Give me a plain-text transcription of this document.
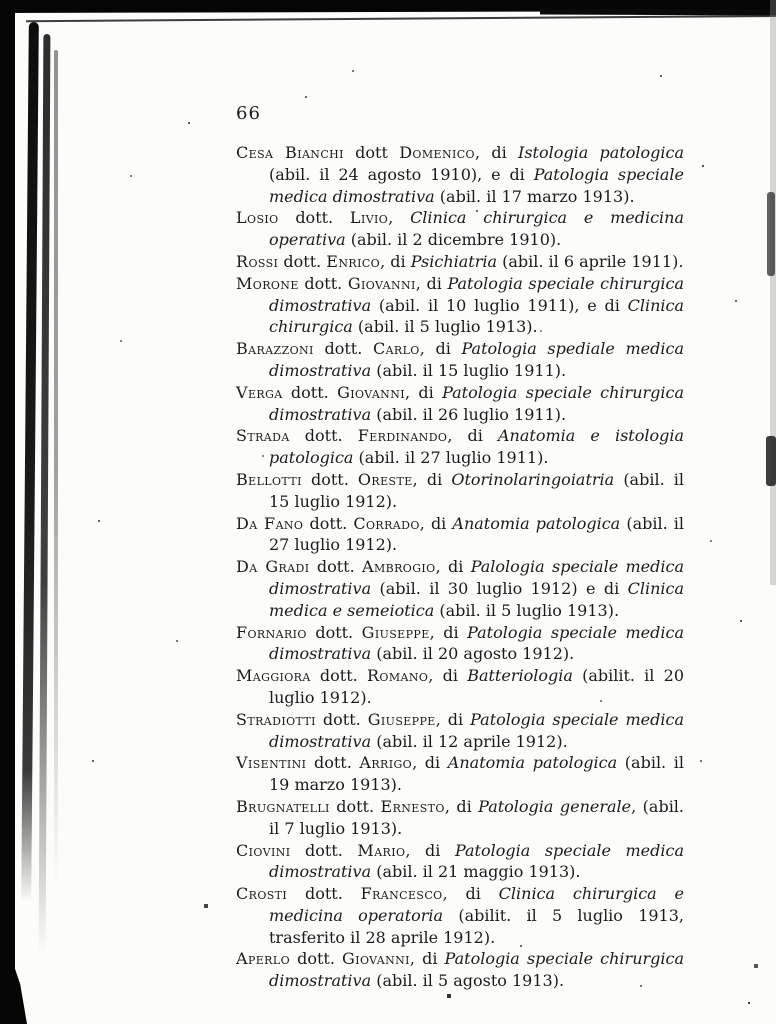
66

Cesa Bianchi dott Domenico, di Istologia patologica (abil. il 24 agosto 1910), e di Patologia speciale medica dimostrativa (abil. il 17 marzo 1913).

Losio dott. Livio, Clinica chirurgica e medicina operativa (abil. il 2 dicembre 1910).

Rossi dott. Enrico, di Psichiatria (abil. il 6 aprile 1911).

Morone dott. Giovanni, di Patologia speciale chirurgica dimostrativa (abil. il 10 luglio 1911), e di Clinica chirurgica (abil. il 5 luglio 1913).

Barazzoni dott. Carlo, di Patologia spediale medica dimostrativa (abil. il 15 luglio 1911).

Verga dott. Giovanni, di Patologia speciale chirurgica dimostrativa (abil. il 26 luglio 1911).

Strada dott. Ferdinando, di Anatomia e istologia patologica (abil. il 27 luglio 1911).

Bellotti dott. Oreste, di Otorinolaringoiatria (abil. il 15 luglio 1912).

Da Fano dott. Corrado, di Anatomia patologica (abil. il 27 luglio 1912).

Da Gradi dott. Ambrogio, di Palologia speciale medica dimostrativa (abil. il 30 luglio 1912) e di Clinica medica e semeiotica (abil. il 5 luglio 1913).

Fornario dott. Giuseppe, di Patologia speciale medica dimostrativa (abil. il 20 agosto 1912).

Maggiora dott. Romano, di Batteriologia (abilit. il 20 luglio 1912).

Stradiotti dott. Giuseppe, di Patologia speciale medica dimostrativa (abil. il 12 aprile 1912).

Visentini dott. Arrigo, di Anatomia patologica (abil. il 19 marzo 1913).

Brugnatelli dott. Ernesto, di Patologia generale, (abil. il 7 luglio 1913).

Ciovini dott. Mario, di Patologia speciale medica dimostrativa (abil. il 21 maggio 1913).

Crosti dott. Francesco, di Clinica chirurgica e medicina operatoria (abilit. il 5 luglio 1913, trasferito il 28 aprile 1912).

Aperlo dott. Giovanni, di Patologia speciale chirurgica dimostrativa (abil. il 5 agosto 1913).
